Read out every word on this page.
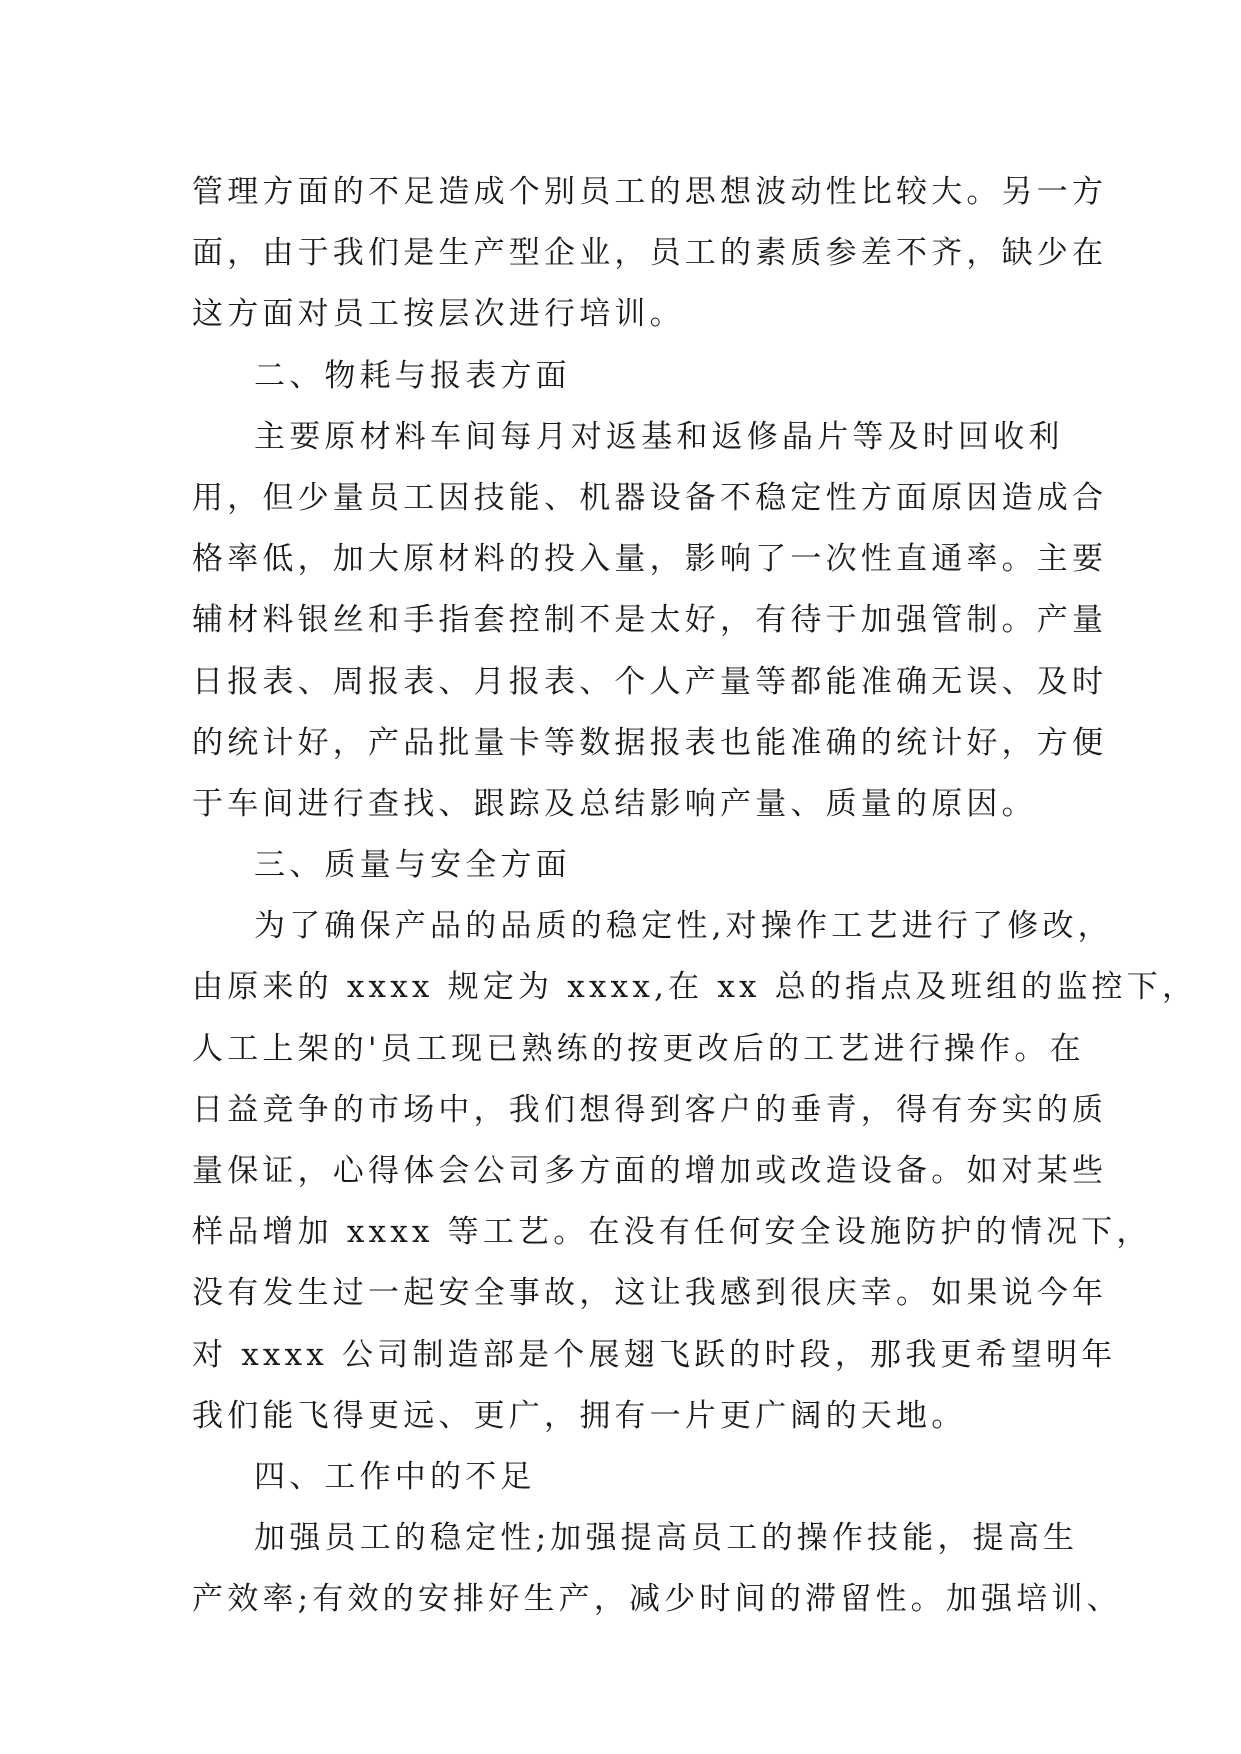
管理方面的不足造成个别员工的思想波动性比较大。另一方
面，由于我们是生产型企业，员工的素质参差不齐，缺少在
这方面对员工按层次进行培训。
二、物耗与报表方面
主要原材料车间每月对返基和返修晶片等及时回收利
用，但少量员工因技能、机器设备不稳定性方面原因造成合
格率低，加大原材料的投入量，影响了一次性直通率。主要
辅材料银丝和手指套控制不是太好，有待于加强管制。产量
日报表、周报表、月报表、个人产量等都能准确无误、及时
的统计好，产品批量卡等数据报表也能准确的统计好，方便
于车间进行查找、跟踪及总结影响产量、质量的原因。
三、质量与安全方面
为了确保产品的品质的稳定性,对操作工艺进行了修改，
由原来的 xxxx 规定为 xxxx,在 xx 总的指点及班组的监控下，
人工上架的'员工现已熟练的按更改后的工艺进行操作。在
日益竞争的市场中，我们想得到客户的垂青，得有夯实的质
量保证，心得体会公司多方面的增加或改造设备。如对某些
样品增加 xxxx 等工艺。在没有任何安全设施防护的情况下，
没有发生过一起安全事故，这让我感到很庆幸。如果说今年
对 xxxx 公司制造部是个展翅飞跃的时段，那我更希望明年
我们能飞得更远、更广，拥有一片更广阔的天地。
四、工作中的不足
加强员工的稳定性;加强提高员工的操作技能，提高生
产效率;有效的安排好生产，减少时间的滞留性。加强培训、
